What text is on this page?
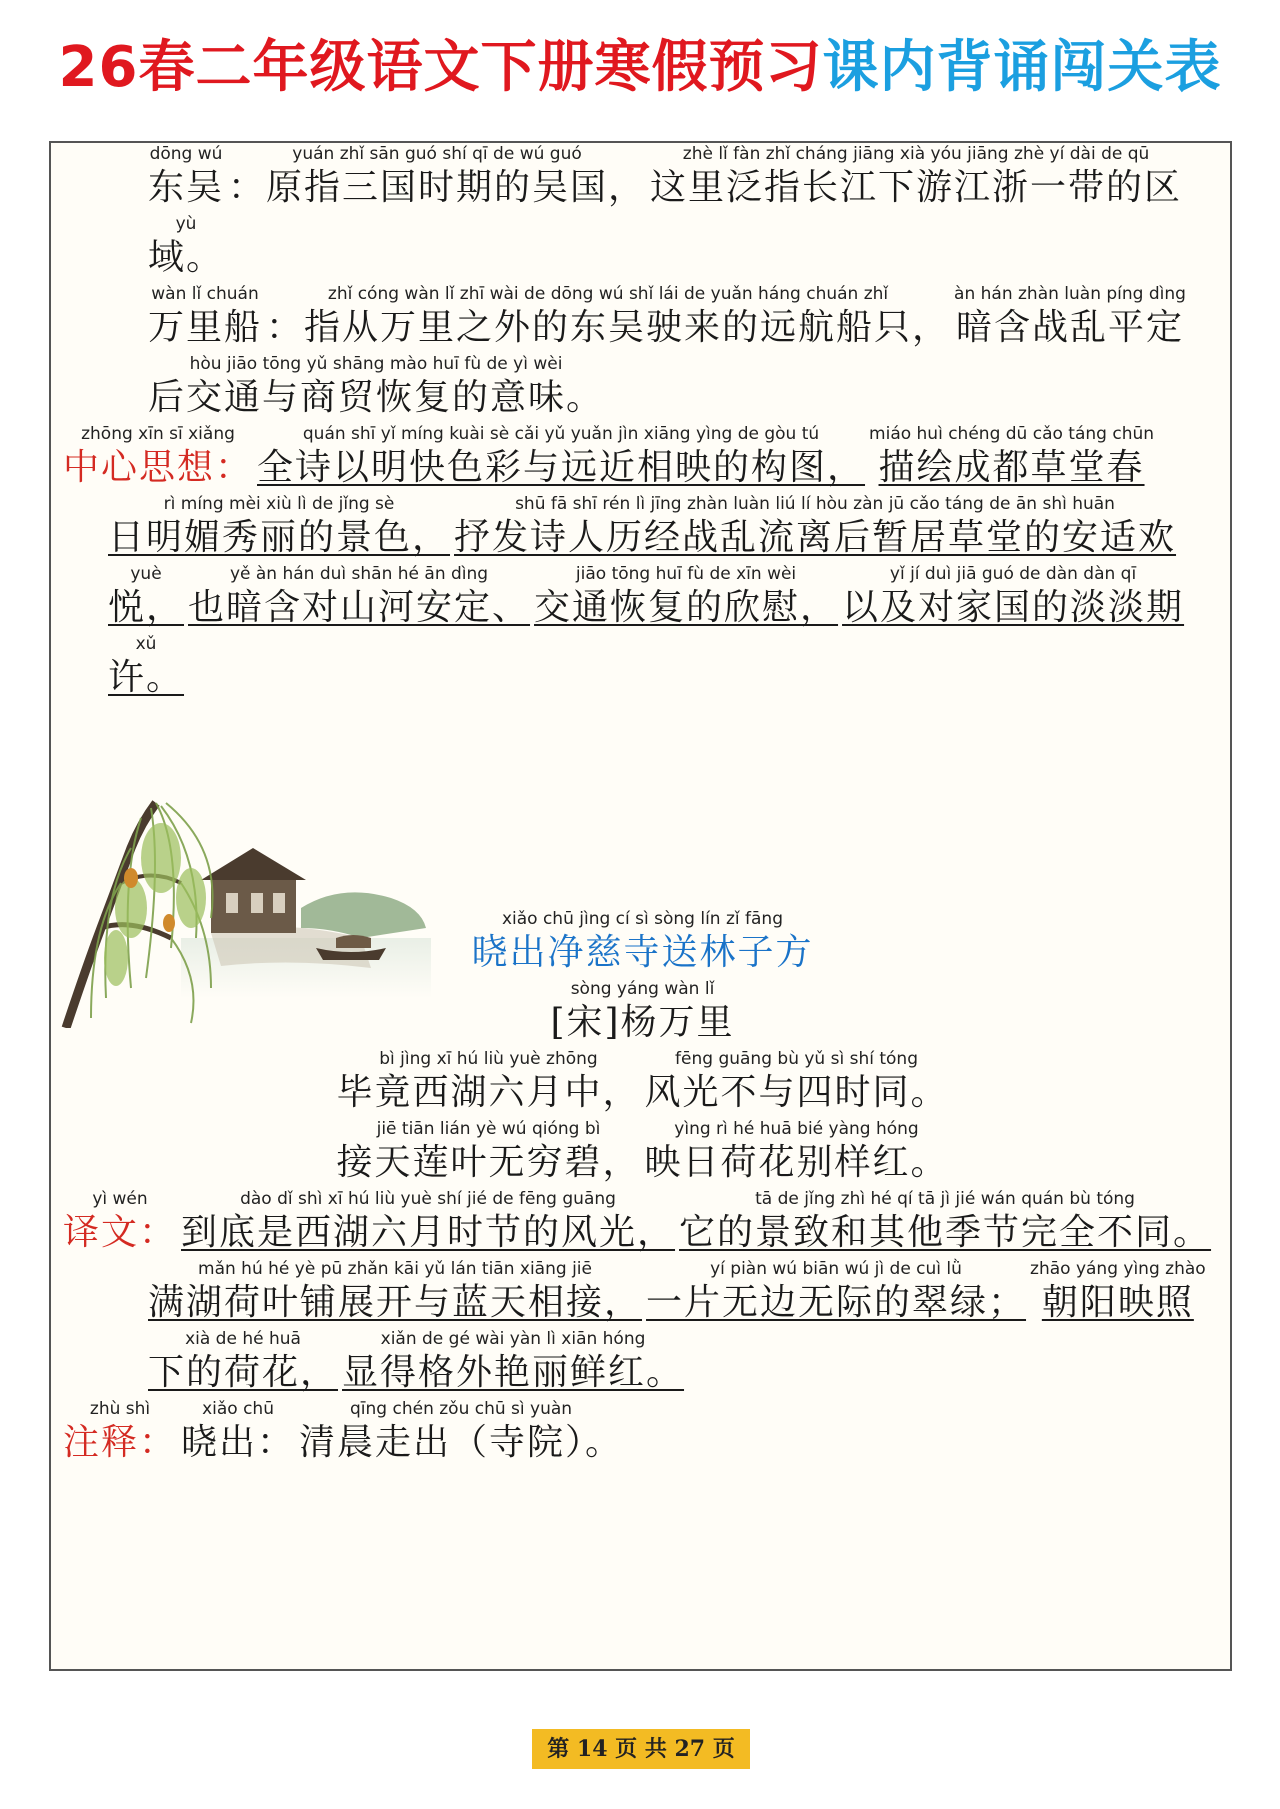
26春二年级语文下册寒假预习课内背诵闯关表
dōng wú
东吴
yuán zhǐ sān guó shí qī de wú guó
：原指三国时期的吴国，
zhè lǐ fàn zhǐ cháng jiāng xià yóu jiāng zhè yí dài de qū
这里泛指长江下游江浙一带的区
yù
域。
wàn lǐ chuán
万里船
zhǐ cóng wàn lǐ zhī wài de dōng wú shǐ lái de yuǎn háng chuán zhǐ
：指从万里之外的东吴驶来的远航船只，
àn hán zhàn luàn píng dìng
暗含战乱平定
hòu jiāo tōng yǔ shāng mào huī fù de yì wèi
后交通与商贸恢复的意味。
zhōng xīn sī xiǎng
中心思想：
quán shī yǐ míng kuài sè cǎi yǔ yuǎn jìn xiāng yìng de gòu tú
全诗以明快色彩与远近相映的构图，
miáo huì chéng dū cǎo táng chūn
描绘成都草堂春
rì míng mèi xiù lì de jǐng sè
日明媚秀丽的景色，
shū fā shī rén lì jīng zhàn luàn liú lí hòu zàn jū cǎo táng de ān shì huān
抒发诗人历经战乱流离后暂居草堂的安适欢
yuè
悦，
yě àn hán duì shān hé ān dìng
也暗含对山河安定、
jiāo tōng huī fù de xīn wèi
交通恢复的欣慰，
yǐ jí duì jiā guó de dàn dàn qī
以及对家国的淡淡期
xǔ
许。
xiǎo chū jìng cí sì sòng lín zǐ fāng
晓出净慈寺送林子方
sòng yáng wàn lǐ
[宋]杨万里
bì jìng xī hú liù yuè zhōng
毕竟西湖六月中，
fēng guāng bù yǔ sì shí tóng
风光不与四时同。
jiē tiān lián yè wú qióng bì
接天莲叶无穷碧，
yìng rì hé huā bié yàng hóng
映日荷花别样红。
yì wén
译文：
dào dǐ shì xī hú liù yuè shí jié de fēng guāng
到底是西湖六月时节的风光，
tā de jǐng zhì hé qí tā jì jié wán quán bù tóng
它的景致和其他季节完全不同。
mǎn hú hé yè pū zhǎn kāi yǔ lán tiān xiāng jiē
满湖荷叶铺展开与蓝天相接，
yí piàn wú biān wú jì de cuì lǜ
一片无边无际的翠绿；
zhāo yáng yìng zhào
朝阳映照
xià de hé huā
下的荷花，
xiǎn de gé wài yàn lì xiān hóng
显得格外艳丽鲜红。
zhù shì
注释：
xiǎo chū
晓出：
qīng chén zǒu chū sì yuàn
清晨走出（寺院）。
第 14 页 共 27 页
